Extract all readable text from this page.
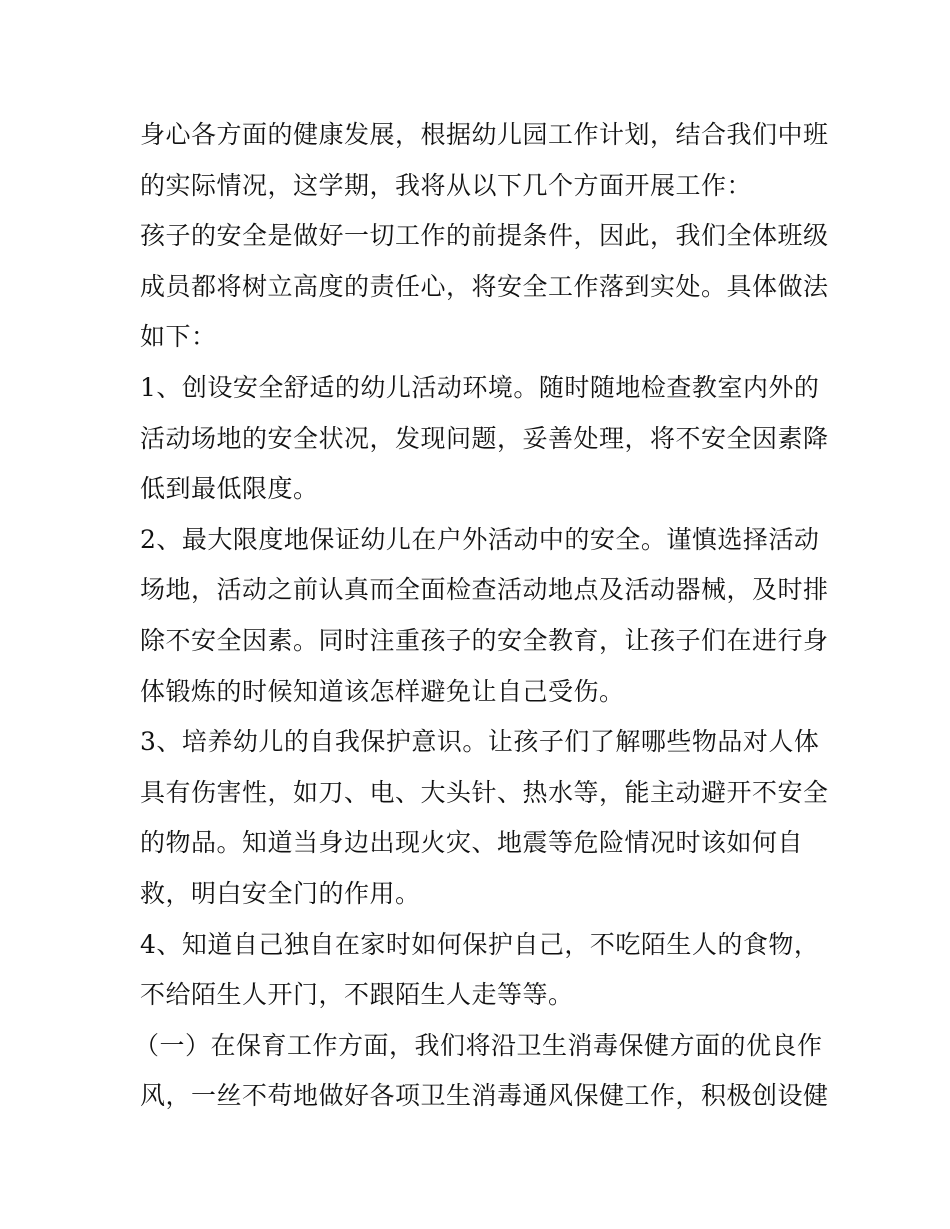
身心各方面的健康发展，根据幼儿园工作计划，结合我们中班
的实际情况，这学期，我将从以下几个方面开展工作：
孩子的安全是做好一切工作的前提条件，因此，我们全体班级
成员都将树立高度的责任心，将安全工作落到实处。具体做法
如下：
1、创设安全舒适的幼儿活动环境。随时随地检查教室内外的
活动场地的安全状况，发现问题，妥善处理，将不安全因素降
低到最低限度。
2、最大限度地保证幼儿在户外活动中的安全。谨慎选择活动
场地，活动之前认真而全面检查活动地点及活动器械，及时排
除不安全因素。同时注重孩子的安全教育，让孩子们在进行身
体锻炼的时候知道该怎样避免让自己受伤。
3、培养幼儿的自我保护意识。让孩子们了解哪些物品对人体
具有伤害性，如刀、电、大头针、热水等，能主动避开不安全
的物品。知道当身边出现火灾、地震等危险情况时该如何自
救，明白安全门的作用。
4、知道自己独自在家时如何保护自己，不吃陌生人的食物，
不给陌生人开门，不跟陌生人走等等。
（一）在保育工作方面，我们将沿卫生消毒保健方面的优良作
风，一丝不苟地做好各项卫生消毒通风保健工作，积极创设健
